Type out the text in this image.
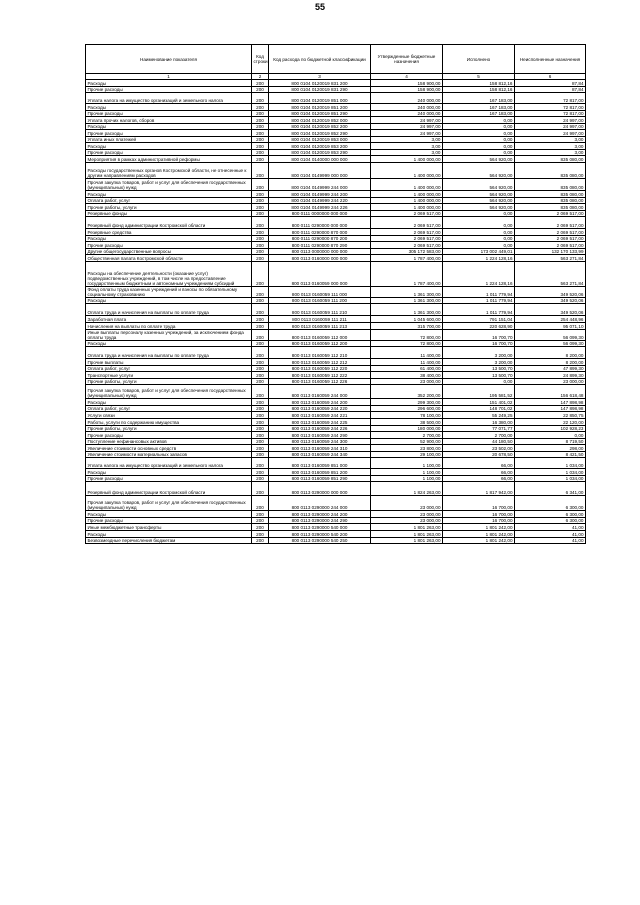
55
Наименование показателя	Код строки	Код расхода по бюджетной классификации	Утвержденные бюджетные назначения	Исполнено	Неисполненные назначения
1	2	3	4	5	6
Расходы	200	800 0104 0120019 831 200	158 900,00	158 812,16	87,84
Прочие расходы	200	800 0104 0120019 831 290	158 900,00	158 812,16	87,84
Уплата налога на имущество организаций и земельного налога	200	800 0104 0120019 851 000	240 000,00	167 183,00	72 817,00
Расходы	200	800 0104 0120019 851 200	240 000,00	167 183,00	72 817,00
Прочие расходы	200	800 0104 0120019 851 290	240 000,00	167 183,00	72 817,00
Уплата прочих налогов, сборов	200	800 0104 0120019 852 000	24 997,00	0,00	24 997,00
Расходы	200	800 0104 0120019 852 200	24 997,00	0,00	24 997,00
Прочие расходы	200	800 0104 0120019 852 290	24 997,00	0,00	24 997,00
Уплата иных платежей	200	800 0104 0120019 853 000	3,00	0,00	3,00
Расходы	200	800 0104 0120019 853 200	3,00	0,00	3,00
Прочие расходы	200	800 0104 0120019 853 290	3,00	0,00	3,00
Мероприятия в рамках административной реформы	200	800 0104 0140000 000 000	1 400 000,00	564 920,00	835 080,00
Расходы государственных органов Костромской области, не отнесенные к другим направлениям расходов	200	800 0104 0149999 000 000	1 400 000,00	564 920,00	835 080,00
Прочая закупка товаров, работ и услуг для обеспечения государственных (муниципальных) нужд	200	800 0104 0149999 244 000	1 400 000,00	564 920,00	835 080,00
Расходы	200	800 0104 0149999 244 200	1 400 000,00	564 920,00	835 080,00
Оплата работ, услуг	200	800 0104 0149999 244 220	1 400 000,00	564 920,00	835 080,00
Прочие работы, услуги	200	800 0104 0149999 244 226	1 400 000,00	564 920,00	835 080,00
Резервные фонды	200	800 0111 0000000 000 000	2 069 517,00	0,00	2 069 517,00
Резервный фонд администрации Костромской области	200	800 0111 0290000 000 000	2 069 517,00	0,00	2 069 517,00
Резервные средства	200	800 0111 0290000 870 000	2 069 517,00	0,00	2 069 517,00
Расходы	200	800 0111 0290000 870 200	2 069 517,00	0,00	2 069 517,00
Прочие расходы	200	800 0111 0290000 870 290	2 069 517,00	0,00	2 069 517,00
Другие общегосударственные вопросы	200	800 0113 0000000 000 000	305 172 583,00	173 002 449,01	132 170 133,99
Общественная палата Костромской области	200	800 0113 0160000 000 000	1 787 400,00	1 224 128,16	563 271,84
Расходы на обеспечение деятельности (оказание услуг) подведомственных учреждений, в том числе на предоставление государственным бюджетным и автономным учреждениям субсидий	200	800 0113 0160059 000 000	1 787 400,00	1 224 128,16	563 271,84
Фонд оплаты труда казенных учреждений и взносы по обязательному социальному страхованию	200	800 0113 0160059 111 000	1 361 300,00	1 011 779,94	349 520,06
Расходы	200	800 0113 0160059 111 200	1 361 300,00	1 011 779,94	349 520,06
Оплата труда и начисления на выплаты по оплате труда	200	800 0113 0160059 111 210	1 361 300,00	1 011 779,94	349 520,06
Заработная плата	200	800 0113 0160059 111 211	1 045 600,00	791 151,04	254 448,96
Начисления на выплаты по оплате труда	200	800 0113 0160059 111 213	315 700,00	220 628,90	95 071,10
Иные выплаты персоналу казенных учреждений, за исключением фонда оплаты труда	200	800 0113 0160059 112 000	72 800,00	16 700,70	56 099,30
Расходы	200	800 0113 0160059 112 200	72 800,00	16 700,70	56 099,30
Оплата труда и начисления на выплаты по оплате труда	200	800 0113 0160059 112 210	11 400,00	3 200,00	8 200,00
Прочие выплаты	200	800 0113 0160059 112 212	11 400,00	3 200,00	8 200,00
Оплата работ, услуг	200	800 0113 0160059 112 220	61 400,00	13 500,70	47 899,30
Транспортные услуги	200	800 0113 0160059 112 222	38 400,00	13 500,70	24 899,30
Прочие работы, услуги	200	800 0113 0160059 112 226	23 000,00	0,00	23 000,00
Прочая закупка товаров, работ и услуг для обеспечения государственных (муниципальных) нужд	200	800 0113 0160059 244 000	352 200,00	195 581,52	156 618,48
Расходы	200	800 0113 0160059 244 200	299 300,00	151 401,02	147 898,98
Оплата работ, услуг	200	800 0113 0160059 244 220	296 600,00	148 701,02	147 898,98
Услуги связи	200	800 0113 0160059 244 221	78 100,00	55 249,25	22 850,75
Работы, услуги по содержанию имущества	200	800 0113 0160059 244 225	38 500,00	16 380,00	22 120,00
Прочие работы, услуги	200	800 0113 0160059 244 226	180 000,00	77 071,77	102 928,23
Прочие расходы	200	800 0113 0160059 244 290	2 700,00	2 700,00	0,00
Поступление нефинансовых активов	200	800 0113 0160059 244 300	52 900,00	44 180,50	8 719,50
Увеличение стоимости основных средств	200	800 0113 0160059 244 310	23 800,00	23 502,00	298,00
Увеличение стоимости материальных запасов	200	800 0113 0160059 244 340	29 100,00	20 678,50	8 421,50
Уплата налога на имущество организаций и земельного налога	200	800 0113 0160059 851 000	1 100,00	66,00	1 034,00
Расходы	200	800 0113 0160059 851 200	1 100,00	66,00	1 034,00
Прочие расходы	200	800 0113 0160059 851 290	1 100,00	66,00	1 034,00
Резервный фонд администрации Костромской области	200	800 0113 0290000 000 000	1 824 263,00	1 817 942,00	6 341,00
Прочая закупка товаров, работ и услуг для обеспечения государственных (муниципальных) нужд	200	800 0113 0290000 244 000	23 000,00	16 700,00	6 300,00
Расходы	200	800 0113 0290000 244 200	23 000,00	16 700,00	6 300,00
Прочие расходы	200	800 0113 0290000 244 290	23 000,00	16 700,00	6 300,00
Иные межбюджетные трансферты	200	800 0113 0290000 540 000	1 801 263,00	1 801 242,00	41,00
Расходы	200	800 0113 0290000 540 200	1 801 263,00	1 801 242,00	41,00
Безвозмездные перечисления бюджетам	200	800 0113 0290000 540 250	1 801 263,00	1 801 242,00	41,00
